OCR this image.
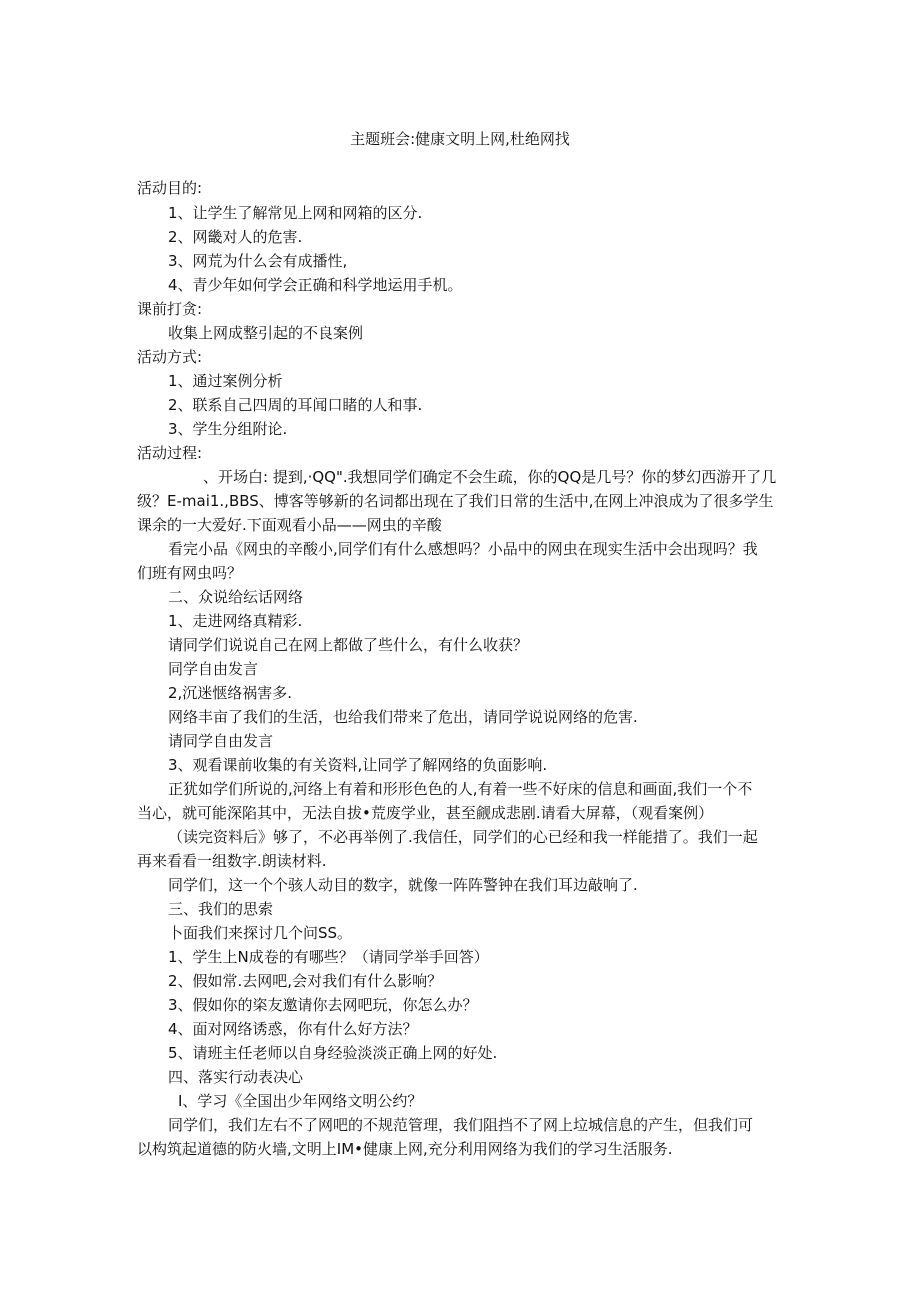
主题班会:健康文明上网,杜绝网找
活动目的:
1、让学生了解常见上网和网箱的区分.
2、网畿对人的危害.
3、网荒为什么会有成播性,
4、青少年如何学会正确和科学地运用手机。
课前打贪:
收集上网成整引起的不良案例
活动方式:
1、通过案例分析
2、联系自己四周的耳闻口睹的人和事.
3、学生分组附论.
活动过程:
、开场白: 提到,·QQ".我想同学们确定不会生疏，你的QQ是几号？你的梦幻西游开了几
级？E-mai1.,BBS、博客等够新的名词都出现在了我们日常的生活中,在网上冲浪成为了很多学生
课余的一大爱好.下面观看小品——网虫的辛酸
看完小品《网虫的辛酸小,同学们有什么感想吗？小品中的网虫在现实生活中会出现吗？我
们班有网虫吗？
二、众说给纭话网络
1、走进网络真精彩.
请同学们说说自己在网上都做了些什么，有什么收获？
同学自由发言
2,沉迷惬络祸害多.
网络丰亩了我们的生活，也给我们带来了危出，请同学说说网络的危害.
请同学自由发言
3、观看课前收集的有关资料,让同学了解网络的负面影响.
正犹如学们所说的,河络上有着和形形色色的人,有着一些不好床的信息和画面,我们一个不
当心，就可能深陷其中，无法自拔•荒废学业，甚至觎成悲剧.请看大屏幕，（观看案例）
（读完资料后》够了，不必再举例了.我信任，同学们的心已经和我一样能措了。我们一起
再来看看一组数字.朗读材料.
同学们，这一个个骇人动目的数字，就像一阵阵警钟在我们耳边敲响了.
三、我们的思索
卜面我们来探讨几个问SS。
1、学生上N成卷的有哪些？（请同学举手回答）
2、假如常.去网吧,会对我们有什么影响？
3、假如你的栥友邀请你去网吧玩，你怎么办？
4、面对网络诱惑，你有什么好方法？
5、请班主任老师以自身经验淡淡正确上网的好处.
四、落实行动表决心
I、学习《全国出少年网络文明公约？
同学们，我们左右不了网吧的不规范管理，我们阻挡不了网上垃城信息的产生，但我们可
以构筑起道德的防火墙,文明上IM•健康上网,充分利用网络为我们的学习生活服务.
